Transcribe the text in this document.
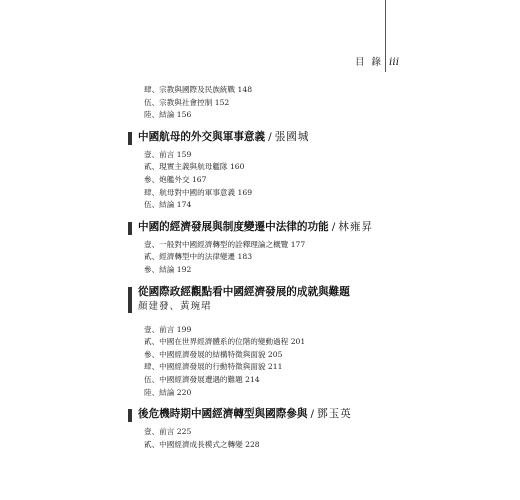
目 錄 iii
肆、宗教與國際及民族統戰 148
伍、宗教與社會控制 152
陸、結論 156
中國航母的外交與軍事意義 / 張國城
壹、前言 159
貳、現實主義與航母艦隊 160
參、炮艦外交 167
肆、航母對中國的軍事意義 169
伍、結論 174
中國的經濟發展與制度變遷中法律的功能 / 林雍昇
壹、一般對中國經濟轉型的詮釋理論之概覽 177
貳、經濟轉型中的法律變遷 183
參、結論 192
從國際政經觀點看中國經濟發展的成就與難題
顏建發、黃琬珺
壹、前言 199
貳、中國在世界經濟體系的位階的變動過程 201
參、中國經濟發展的結構特徵與面貌 205
肆、中國經濟發展的行動特徵與面貌 211
伍、中國經濟發展遭遇的難題 214
陸、結論 220
後危機時期中國經濟轉型與國際參與 / 鄧玉英
壹、前言 225
貳、中國經濟成長模式之轉變 228
